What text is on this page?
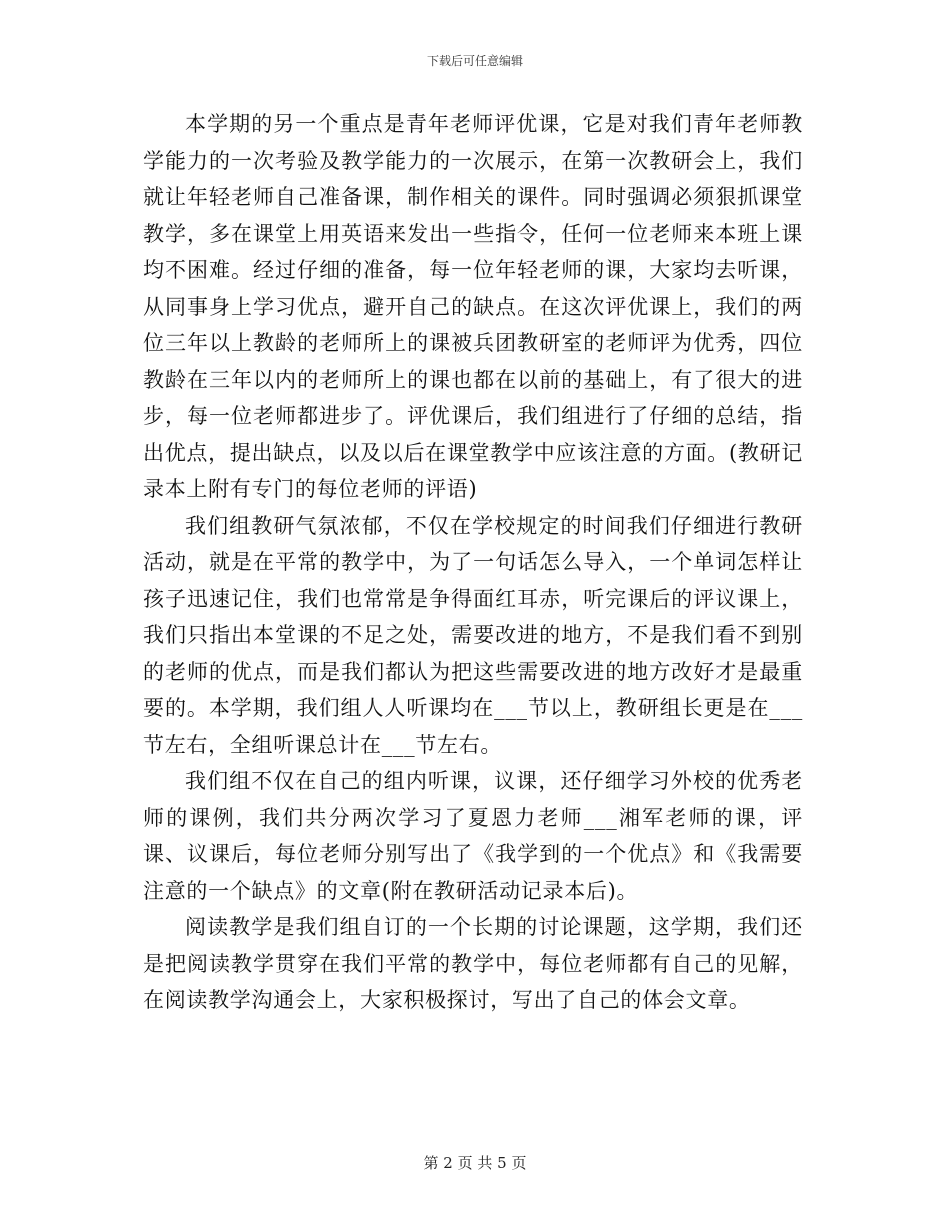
下载后可任意编辑

本学期的另一个重点是青年老师评优课，它是对我们青年老师教学能力的一次考验及教学能力的一次展示，在第一次教研会上，我们就让年轻老师自己准备课，制作相关的课件。同时强调必须狠抓课堂教学，多在课堂上用英语来发出一些指令，任何一位老师来本班上课均不困难。经过仔细的准备，每一位年轻老师的课，大家均去听课，从同事身上学习优点，避开自己的缺点。在这次评优课上，我们的两位三年以上教龄的老师所上的课被兵团教研室的老师评为优秀，四位教龄在三年以内的老师所上的课也都在以前的基础上，有了很大的进步，每一位老师都进步了。评优课后，我们组进行了仔细的总结，指出优点，提出缺点，以及以后在课堂教学中应该注意的方面。(教研记录本上附有专门的每位老师的评语)

我们组教研气氛浓郁，不仅在学校规定的时间我们仔细进行教研活动，就是在平常的教学中，为了一句话怎么导入，一个单词怎样让孩子迅速记住，我们也常常是争得面红耳赤，听完课后的评议课上，我们只指出本堂课的不足之处，需要改进的地方，不是我们看不到别的老师的优点，而是我们都认为把这些需要改进的地方改好才是最重要的。本学期，我们组人人听课均在___节以上，教研组长更是在___节左右，全组听课总计在___节左右。

我们组不仅在自己的组内听课，议课，还仔细学习外校的优秀老师的课例，我们共分两次学习了夏恩力老师___湘军老师的课，评课、议课后，每位老师分别写出了《我学到的一个优点》和《我需要注意的一个缺点》的文章(附在教研活动记录本后)。

阅读教学是我们组自订的一个长期的讨论课题，这学期，我们还是把阅读教学贯穿在我们平常的教学中，每位老师都有自己的见解，在阅读教学沟通会上，大家积极探讨，写出了自己的体会文章。

第 2 页 共 5 页
